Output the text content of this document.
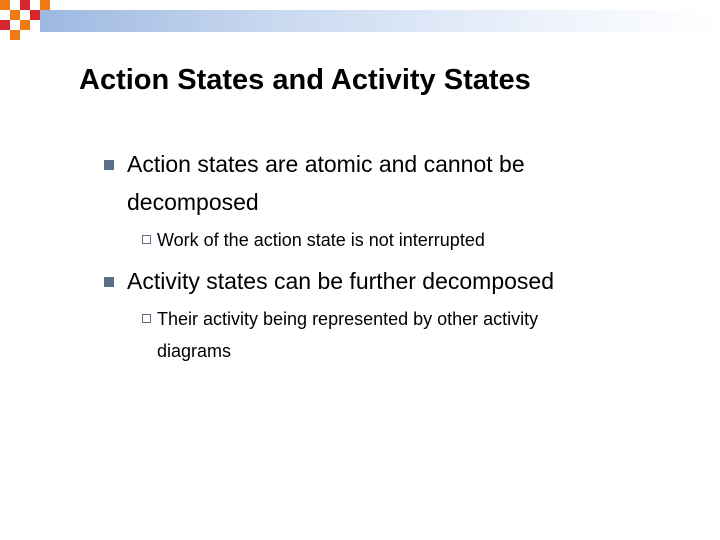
Action States and Activity States
Action states are atomic and cannot be
decomposed
Work of the action state is not interrupted
Activity states can be further decomposed
Their activity being represented by other activity
diagrams
